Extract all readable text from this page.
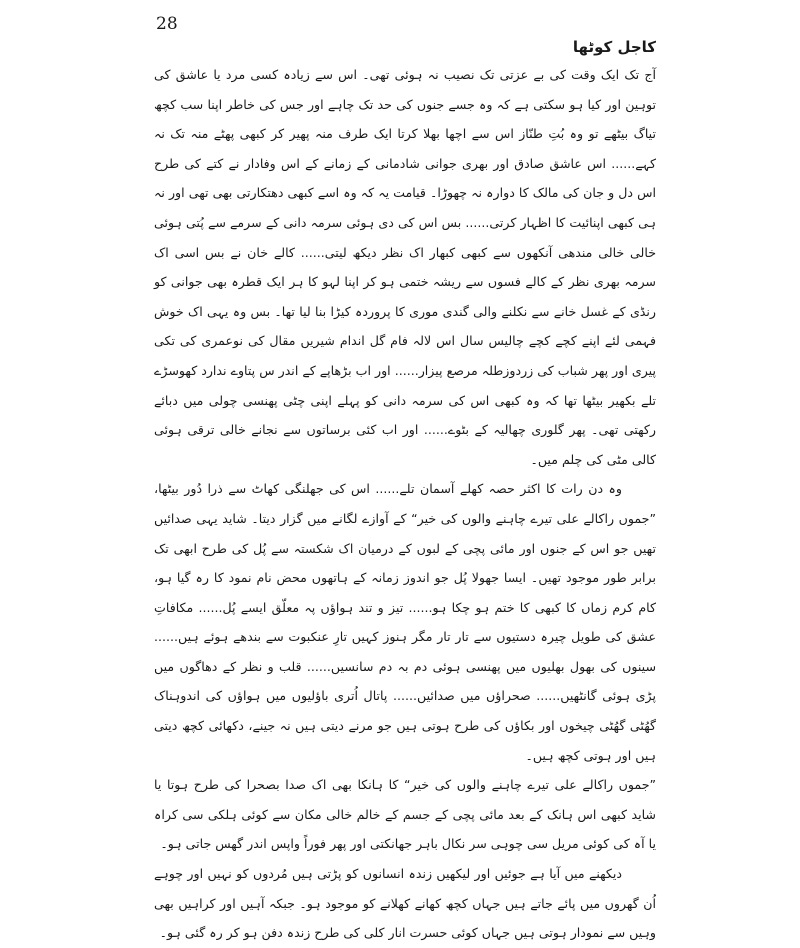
28
کاجل کوٹھا

آج تک ایک وقت کی بے عزتی تک نصیب نہ ہوئی تھی۔ اس سے زیادہ کسی مرد یا عاشق کی توہین اور کیا ہو سکتی ہے کہ وہ جسے جنوں کی حد تک چاہے اور جس کی خاطر اپنا سب کچھ تیاگ بیٹھے تو وہ بُتِ طنّاز اس سے اچھا بھلا کرتا ایک طرف منہ پھیر کر کبھی پھٹے منہ تک نہ کہے...... اس عاشق صادق اور بھری جوانی شادمانی کے زمانے کے اس وفادار نے کتے کی طرح اس دل و جان کی مالک کا دوارہ نہ چھوڑا۔ قیامت یہ کہ وہ اسے کبھی دھتکارتی بھی تھی اور نہ ہی کبھی اپنائیت کا اظہار کرتی...... بس اس کی دی ہوئی سرمہ دانی کے سرمے سے پُتی ہوئی خالی خالی مندھی آنکھوں سے کبھی کبھار اک نظر دیکھ لیتی...... کالے خان نے بس اسی اک سرمہ بھری نظر کے کالے فسوں سے ریشہ ختمی ہو کر اپنا لہو کا ہر ایک قطرہ بھی جوانی کو رنڈی کے غسل خانے سے نکلنے والی گندی موری کا پروردہ کیڑا بنا لیا تھا۔ بس وہ یہی اک خوش فہمی لئے اپنے کچے کچے چالیس سال اس لالہ فام گل اندام شیریں مقال کی نوعمری کی تکی پیری اور پھر شباب کی زردوزطلہ مرصع پیزار...... اور اب بڑھاپے کے اندر س پتاوے ندارد کھوسڑے تلے بکھیر بیٹھا تھا کہ وہ کبھی اس کی سرمہ دانی کو پہلے اپنی چٹی پھنسی چولی میں دبائے رکھتی تھی۔ پھر گلوری چھالیہ کے بٹوے...... اور اب کئی برساتوں سے نجانے خالی ترقی ہوئی کالی مٹی کی چلم میں۔

وہ دن رات کا اکثر حصہ کھلے آسمان تلے...... اس کی جھلنگی کھاٹ سے ذرا دُور بیٹھا، ”جموں راکالے علی تیرے چاہنے والوں کی خیر“ کے آوازے لگانے میں گزار دیتا۔ شاید یہی صدائیں تھیں جو اس کے جنوں اور مائی پچی کے لبوں کے درمیان اک شکستہ سے پُل کی طرح ابھی تک برابر طور موجود تھیں۔ ایسا جھولا پُل جو اندوز زمانہ کے ہاتھوں محض نام نمود کا رہ گیا ہو، کام کرم زماں کا کبھی کا ختم ہو چکا ہو...... تیز و تند ہواؤں پہ معلّق ایسے پُل...... مکافاتِ عشق کی طویل چیرہ دستیوں سے تار تار مگر ہنوز کہیں تارِ عنکبوت سے بندھے ہوئے ہیں...... سینوں کی بھول بھلیوں میں پھنسی ہوئی دم بہ دم سانسیں...... قلب و نظر کے دھاگوں میں پڑی ہوئی گانٹھیں...... صحراؤں میں صدائیں...... پاتال اُتری باؤلیوں میں ہواؤں کی اندوہناک گھُٹی گھُٹی چیخوں اور بکاؤں کی طرح ہوتی ہیں جو مرنے دیتی ہیں نہ جینے، دکھائی کچھ دیتی ہیں اور ہوتی کچھ ہیں۔

”جموں راکالے علی تیرے چاہنے والوں کی خیر“ کا ہانکا بھی اک صدا بصحرا کی طرح ہوتا یا شاید کبھی اس ہانک کے بعد مائی پچی کے جسم کے خالم خالی مکان سے کوئی ہلکی سی کراہ یا آہ کی کوئی مریل سی چوہی سر نکال باہر جھانکتی اور پھر فوراً واپس اندر گھس جاتی ہو۔

دیکھنے میں آیا ہے جوئیں اور لیکھیں زندہ انسانوں کو پڑتی ہیں مُردوں کو نہیں اور چوہے اُن گھروں میں پائے جاتے ہیں جہاں کچھ کھانے کھلانے کو موجود ہو۔ جبکہ آہیں اور کراہیں بھی وہیں سے نمودار ہوتی ہیں جہاں کوئی حسرت انار کلی کی طرح زندہ دفن ہو کر رہ گئی ہو۔
